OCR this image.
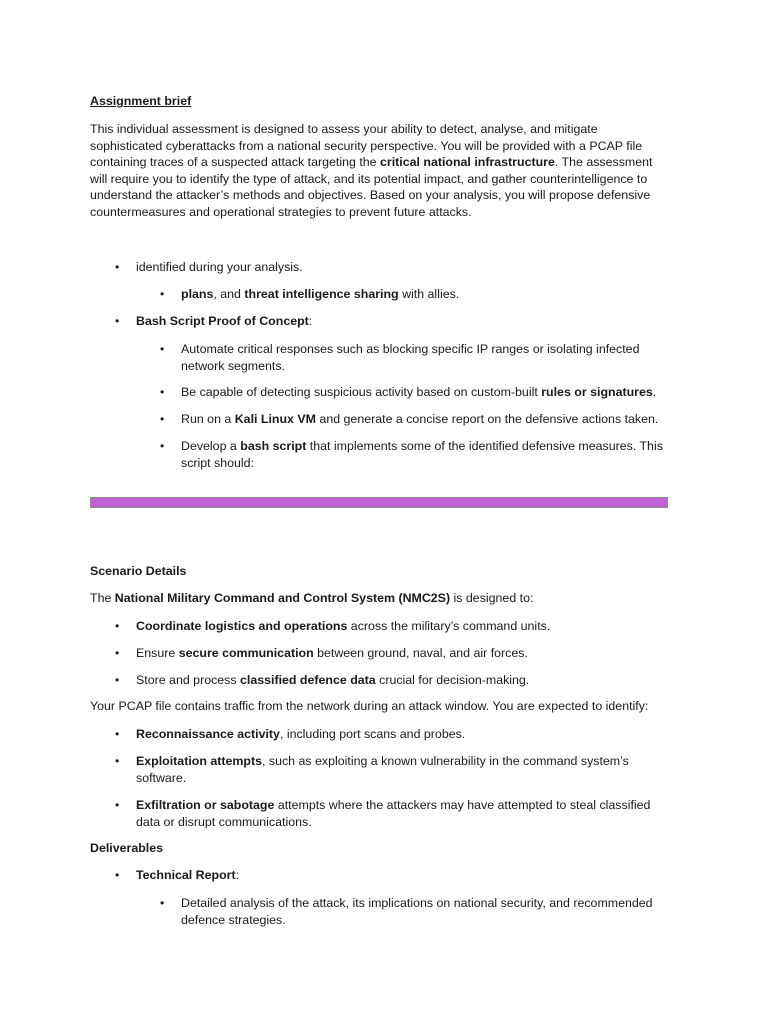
Assignment brief
This individual assessment is designed to assess your ability to detect, analyse, and mitigate sophisticated cyberattacks from a national security perspective. You will be provided with a PCAP file containing traces of a suspected attack targeting the critical national infrastructure. The assessment will require you to identify the type of attack, and its potential impact, and gather counterintelligence to understand the attacker’s methods and objectives. Based on your analysis, you will propose defensive countermeasures and operational strategies to prevent future attacks.
• identified during your analysis.
• plans, and threat intelligence sharing with allies.
• Bash Script Proof of Concept:
• Automate critical responses such as blocking specific IP ranges or isolating infected network segments.
• Be capable of detecting suspicious activity based on custom-built rules or signatures.
• Run on a Kali Linux VM and generate a concise report on the defensive actions taken.
• Develop a bash script that implements some of the identified defensive measures. This script should:
Scenario Details
The National Military Command and Control System (NMC2S) is designed to:
• Coordinate logistics and operations across the military’s command units.
• Ensure secure communication between ground, naval, and air forces.
• Store and process classified defence data crucial for decision-making.
Your PCAP file contains traffic from the network during an attack window. You are expected to identify:
• Reconnaissance activity, including port scans and probes.
• Exploitation attempts, such as exploiting a known vulnerability in the command system’s software.
• Exfiltration or sabotage attempts where the attackers may have attempted to steal classified data or disrupt communications.
Deliverables
• Technical Report:
• Detailed analysis of the attack, its implications on national security, and recommended defence strategies.
